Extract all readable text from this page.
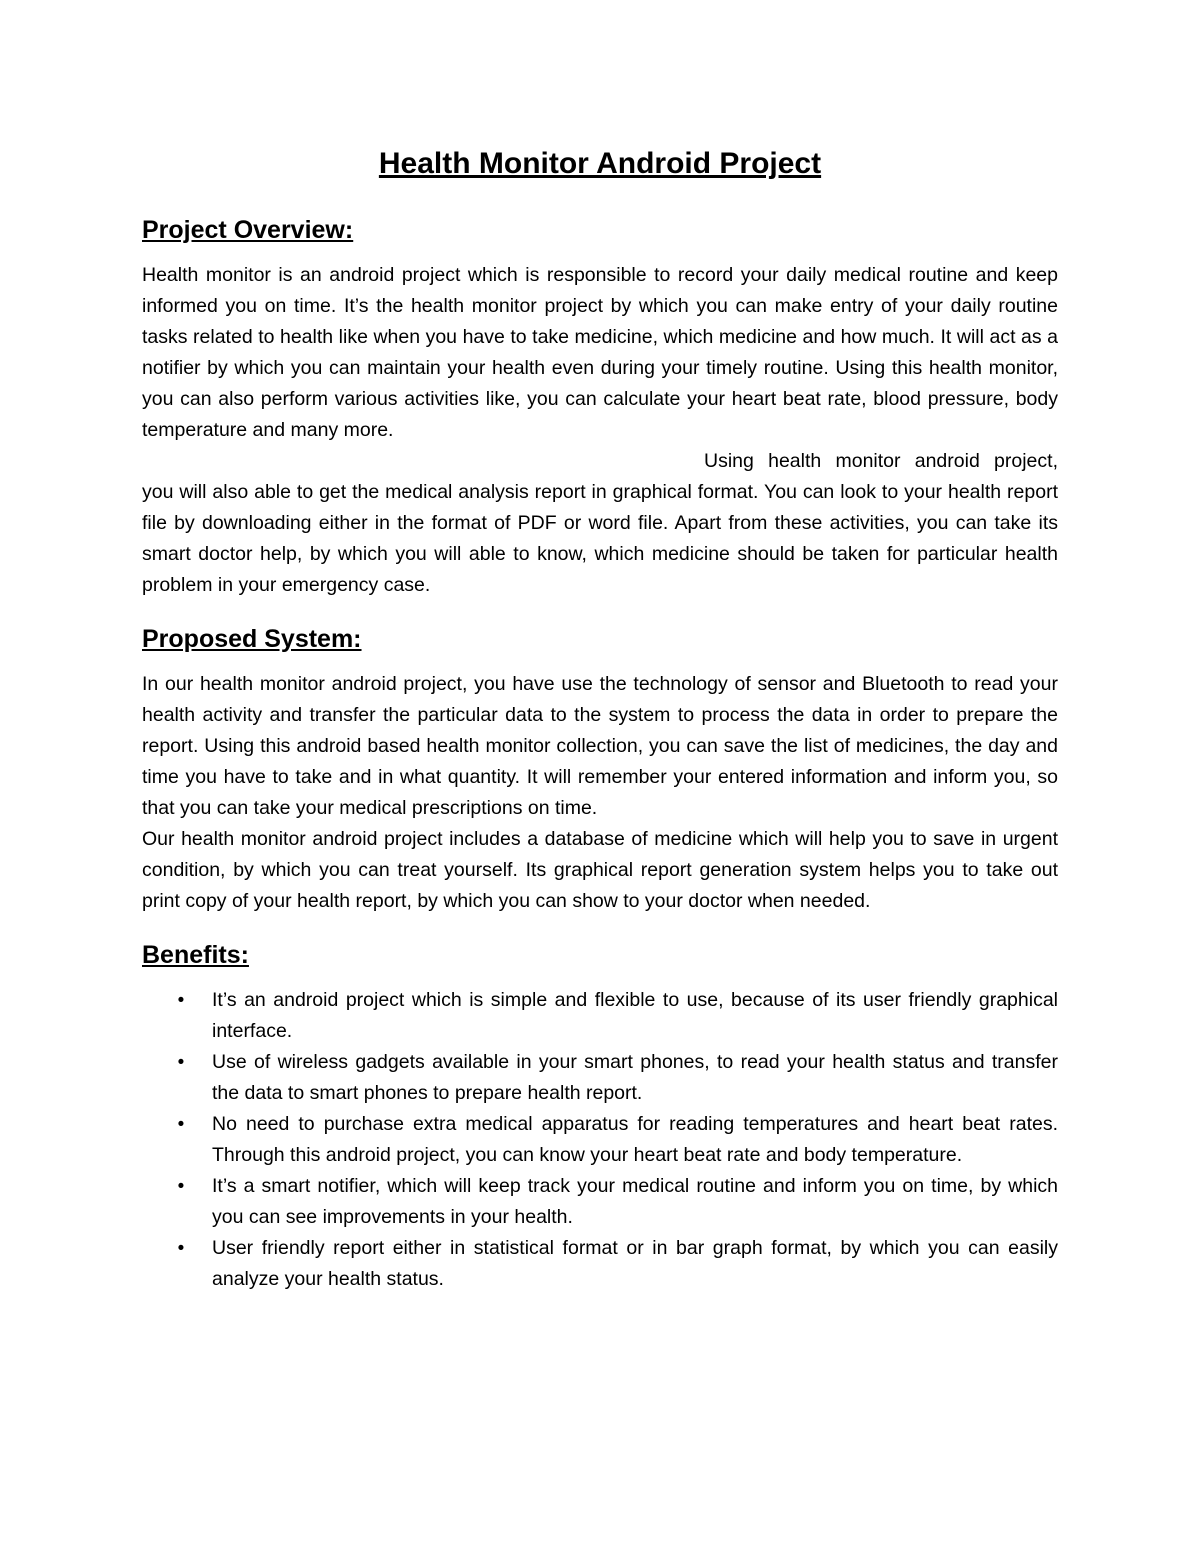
Health Monitor Android Project
Project Overview:

Health monitor is an android project which is responsible to record your daily medical routine and keep informed you on time. It’s the health monitor project by which you can make entry of your daily routine tasks related to health like when you have to take medicine, which medicine and how much. It will act as a notifier by which you can maintain your health even during your timely routine. Using this health monitor, you can also perform various activities like, you can calculate your heart beat rate, blood pressure, body temperature and many more.

Using health monitor android project, you will also able to get the medical analysis report in graphical format. You can look to your health report file by downloading either in the format of PDF or word file. Apart from these activities, you can take its smart doctor help, by which you will able to know, which medicine should be taken for particular health problem in your emergency case.

Proposed System:

In our health monitor android project, you have use the technology of sensor and Bluetooth to read your health activity and transfer the particular data to the system to process the data in order to prepare the report. Using this android based health monitor collection, you can save the list of medicines, the day and time you have to take and in what quantity. It will remember your entered information and inform you, so that you can take your medical prescriptions on time.

Our health monitor android project includes a database of medicine which will help you to save in urgent condition, by which you can treat yourself. Its graphical report generation system helps you to take out print copy of your health report, by which you can show to your doctor when needed.

Benefits:
• It’s an android project which is simple and flexible to use, because of its user friendly graphical interface.
• Use of wireless gadgets available in your smart phones, to read your health status and transfer the data to smart phones to prepare health report.
• No need to purchase extra medical apparatus for reading temperatures and heart beat rates. Through this android project, you can know your heart beat rate and body temperature.
• It’s a smart notifier, which will keep track your medical routine and inform you on time, by which you can see improvements in your health.
• User friendly report either in statistical format or in bar graph format, by which you can easily analyze your health status.
